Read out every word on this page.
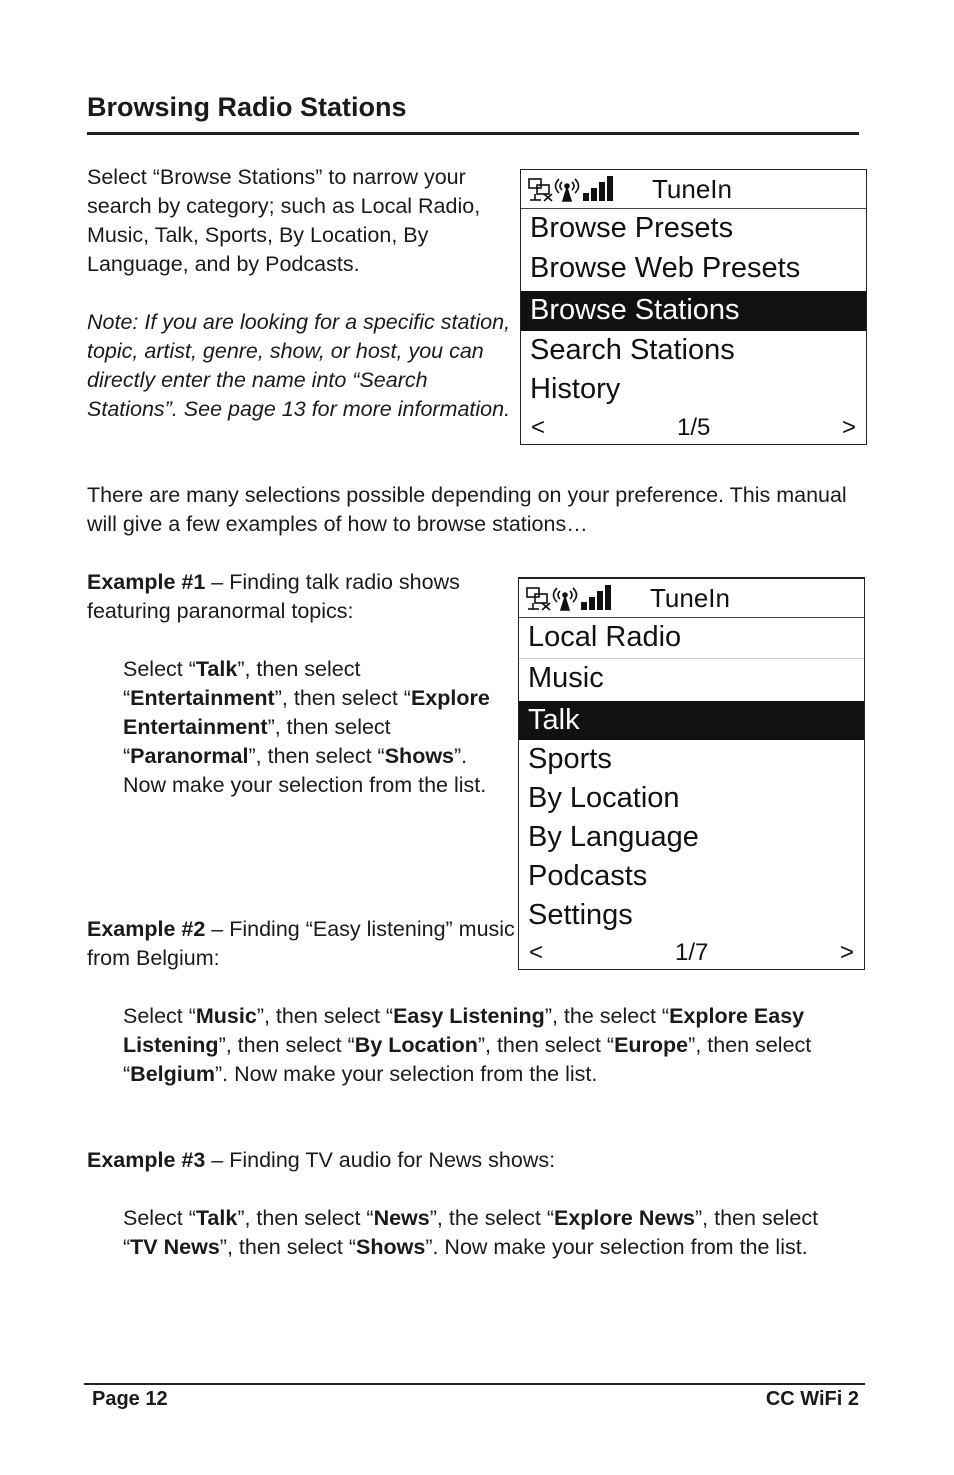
Browsing Radio Stations

Select “Browse Stations” to narrow your search by category; such as Local Radio, Music, Talk, Sports, By Location, By Language, and by Podcasts.

Note: If you are looking for a specific station, topic, artist, genre, show, or host, you can directly enter the name into “Search Stations”. See page 13 for more information.

TuneIn
Browse Presets
Browse Web Presets
Browse Stations
Search Stations
History
<	1/5	>

There are many selections possible depending on your preference. This manual will give a few examples of how to browse stations…

Example #1 – Finding talk radio shows featuring paranormal topics:

Select “Talk”, then select “Entertainment”, then select “Explore Entertainment”, then select “Paranormal”, then select “Shows”.
Now make your selection from the list.

TuneIn
Local Radio
Music
Talk
Sports
By Location
By Language
Podcasts
Settings
<	1/7	>

Example #2 – Finding “Easy listening” music from Belgium:

Select “Music”, then select “Easy Listening”, the select “Explore Easy Listening”, then select “By Location”, then select “Europe”, then select “Belgium”. Now make your selection from the list.

Example #3 – Finding TV audio for News shows:

Select “Talk”, then select “News”, the select “Explore News”, then select “TV News”, then select “Shows”. Now make your selection from the list.

Page 12	CC WiFi 2
